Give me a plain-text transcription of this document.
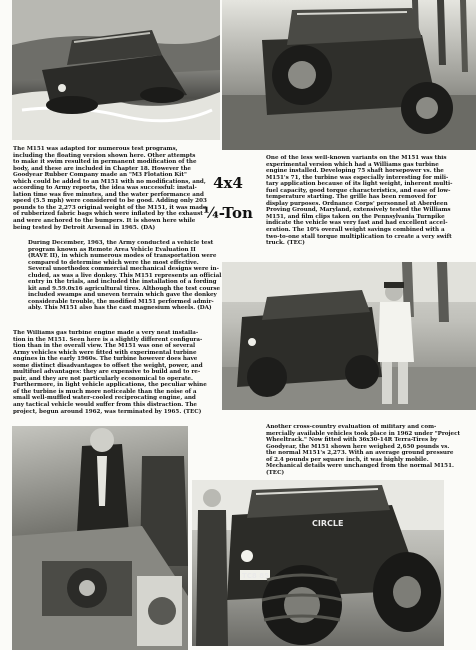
The M151 was adapted for numerous test programs,
including the floating version shown here. Other attempts
to make it swim resulted in permanent modification of the
body, and these are included in Chapter 18. However the
Goodyear Rubber Company made an "M3 Flotation Kit"
which could be added to an M151 with no modifications, and,
according to Army reports, the idea was successful: instal-
lation time was five minutes, and the water performance and
speed (5.5 mph) were considered to be good. Adding only 203
pounds to the 2,273 original weight of the M151, it was made
of rubberized fabric bags which were inflated by the exhaust
and were anchored to the bumpers. It is shown here while
being tested by Detroit Arsenal in 1965. (DA)
4x4
¼-Ton
One of the less well-known variants on the M151 was this
experimental version which had a Williams gas turbine
engine installed. Developing 75 shaft horsepower vs. the
M151's 71, the turbine was especially interesting for mili-
tary application because of its light weight, inherent multi-
fuel capacity, good torque characteristics, and ease of low-
temperature starting. The grille has been removed for
display purposes. Ordnance Corps' personnel at Aberdeen
Proving Ground, Maryland, extensively tested the Williams
M151, and film clips taken on the Pennsylvania Turnpike
indicate the vehicle was very fast and had excellent accel-
eration. The 10% overall weight savings combined with a
two-to-one stall torque multiplication to create a very swift
truck. (TEC)
During December, 1963, the Army conducted a vehicle test
program known as Remote Area Vehicle Evaluation II
(RAVE II), in which numerous modes of transportation were
compared to determine which were the most effective.
Several unorthodox commercial mechanical designs were in-
cluded, as was a live donkey. This M151 represents an official
entry in the trials, and included the installation of a fording
kit and 9.59.0x16 agricultural tires. Although the test course
included swamps and uneven terrain which gave the donkey
considerable trouble, the modified M151 performed admir-
ably. This M151 also has the cast magnesium wheels. (DA)
The Williams gas turbine engine made a very neat installa-
tion in the M151. Seen here is a slightly different configura-
tion than in the overall view. The M151 was one of several
Army vehicles which were fitted with experimental turbine
engines in the early 1960s. The turbine however does have
some distinct disadvantages to offset the weight, power, and
multifuel advantages: they are expensive to build and to re-
pair, and they are not particularly economical to operate.
Furthermore, in light vehicle applications, the peculiar whine
of the turbine is much more noticeable than the noise of a
small well-muffled water-cooled reciprocating engine, and
any tactical vehicle would suffer from this distraction. The
project, begun around 1962, was terminated by 1965. (TEC)
Another cross-country evaluation of military and com-
mercially available vehicles took place in 1962 under "Project
Wheeltrack." Now fitted with 36x30-14R Terra-Tires by
Goodyear, the M151 shown here weighed 2,650 pounds vs.
the normal M151's 2,273. With an average ground pressure
of 2.4 pounds per square inch, it was highly mobile.
Mechanical details were unchanged from the normal M151.
(TEC)
CIRCLE
TC8 85
